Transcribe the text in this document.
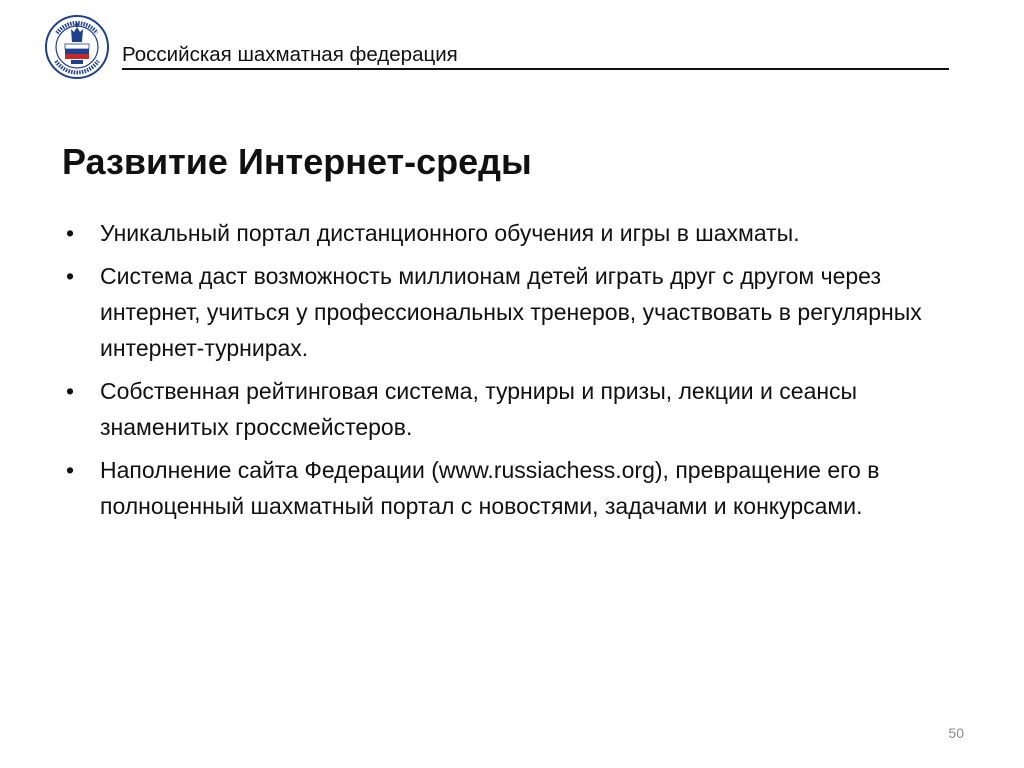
Российская шахматная федерация
Развитие Интернет-среды
• Уникальный портал дистанционного обучения и игры в шахматы.
• Система даст возможность миллионам детей играть друг с другом через интернет, учиться у профессиональных тренеров, участвовать в регулярных интернет-турнирах.
• Собственная рейтинговая система, турниры и призы, лекции и сеансы знаменитых гроссмейстеров.
• Наполнение сайта Федерации (www.russiachess.org), превращение его в полноценный шахматный портал с новостями, задачами и конкурсами.
50
